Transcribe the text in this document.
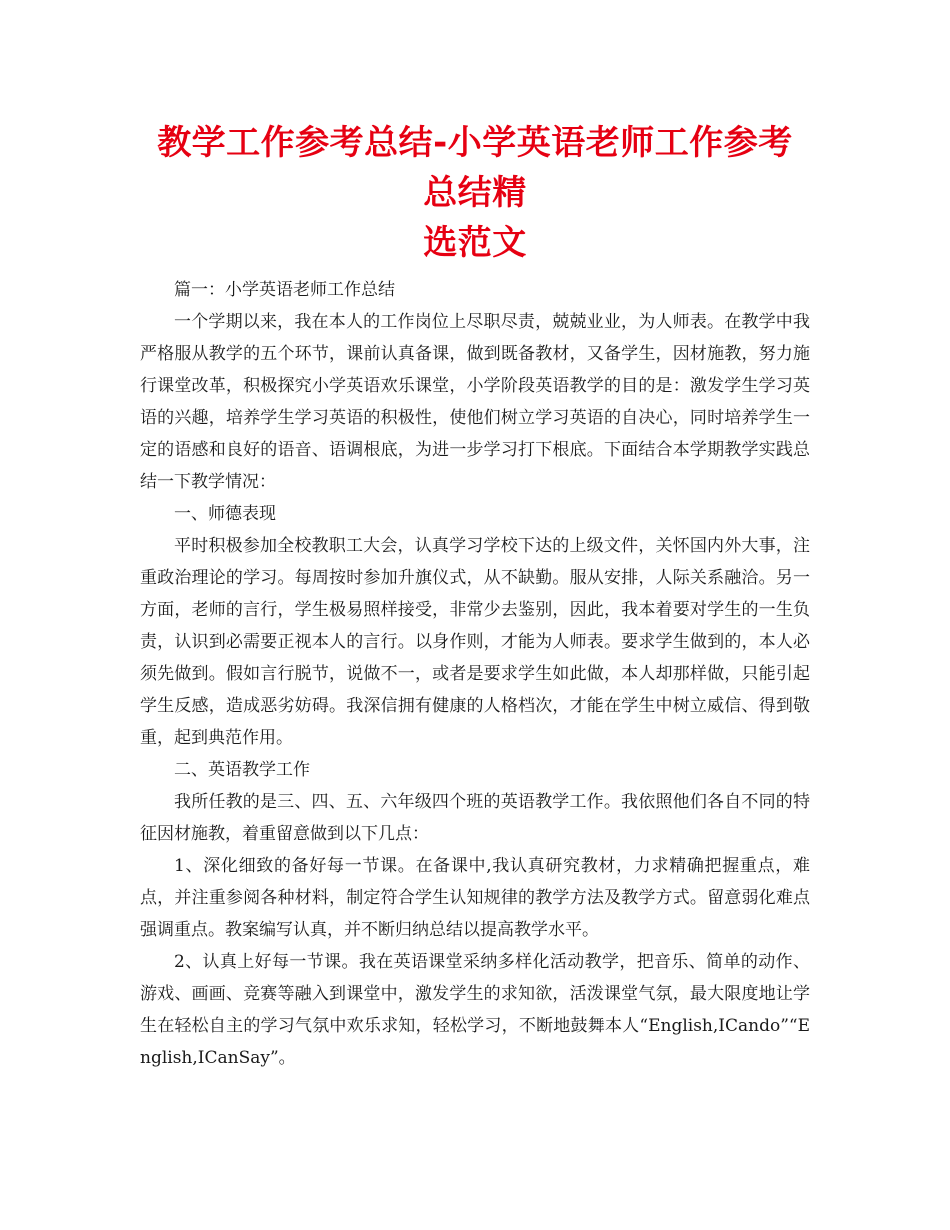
教学工作参考总结-小学英语老师工作参考总结精
选范文

篇一：小学英语老师工作总结

一个学期以来，我在本人的工作岗位上尽职尽责，兢兢业业，为人师表。在教学中我严格服从教学的五个环节，课前认真备课，做到既备教材，又备学生，因材施教，努力施行课堂改革，积极探究小学英语欢乐课堂，小学阶段英语教学的目的是：激发学生学习英语的兴趣，培养学生学习英语的积极性，使他们树立学习英语的自决心，同时培养学生一定的语感和良好的语音、语调根底，为进一步学习打下根底。下面结合本学期教学实践总结一下教学情况：

一、师德表现

平时积极参加全校教职工大会，认真学习学校下达的上级文件，关怀国内外大事，注重政治理论的学习。每周按时参加升旗仪式，从不缺勤。服从安排，人际关系融洽。另一方面，老师的言行，学生极易照样接受，非常少去鉴别，因此，我本着要对学生的一生负责，认识到必需要正视本人的言行。以身作则，才能为人师表。要求学生做到的，本人必须先做到。假如言行脱节，说做不一，或者是要求学生如此做，本人却那样做，只能引起学生反感，造成恶劣妨碍。我深信拥有健康的人格档次，才能在学生中树立威信、得到敬重，起到典范作用。

二、英语教学工作

我所任教的是三、四、五、六年级四个班的英语教学工作。我依照他们各自不同的特征因材施教，着重留意做到以下几点：

1、深化细致的备好每一节课。在备课中,我认真研究教材，力求精确把握重点，难点，并注重参阅各种材料，制定符合学生认知规律的教学方法及教学方式。留意弱化难点强调重点。教案编写认真，并不断归纳总结以提高教学水平。

2、认真上好每一节课。我在英语课堂采纳多样化活动教学，把音乐、简单的动作、游戏、画画、竞赛等融入到课堂中，激发学生的求知欲，活泼课堂气氛，最大限度地让学生在轻松自主的学习气氛中欢乐求知，轻松学习，不断地鼓舞本人“English,ICando”“English,ICanSay”。
